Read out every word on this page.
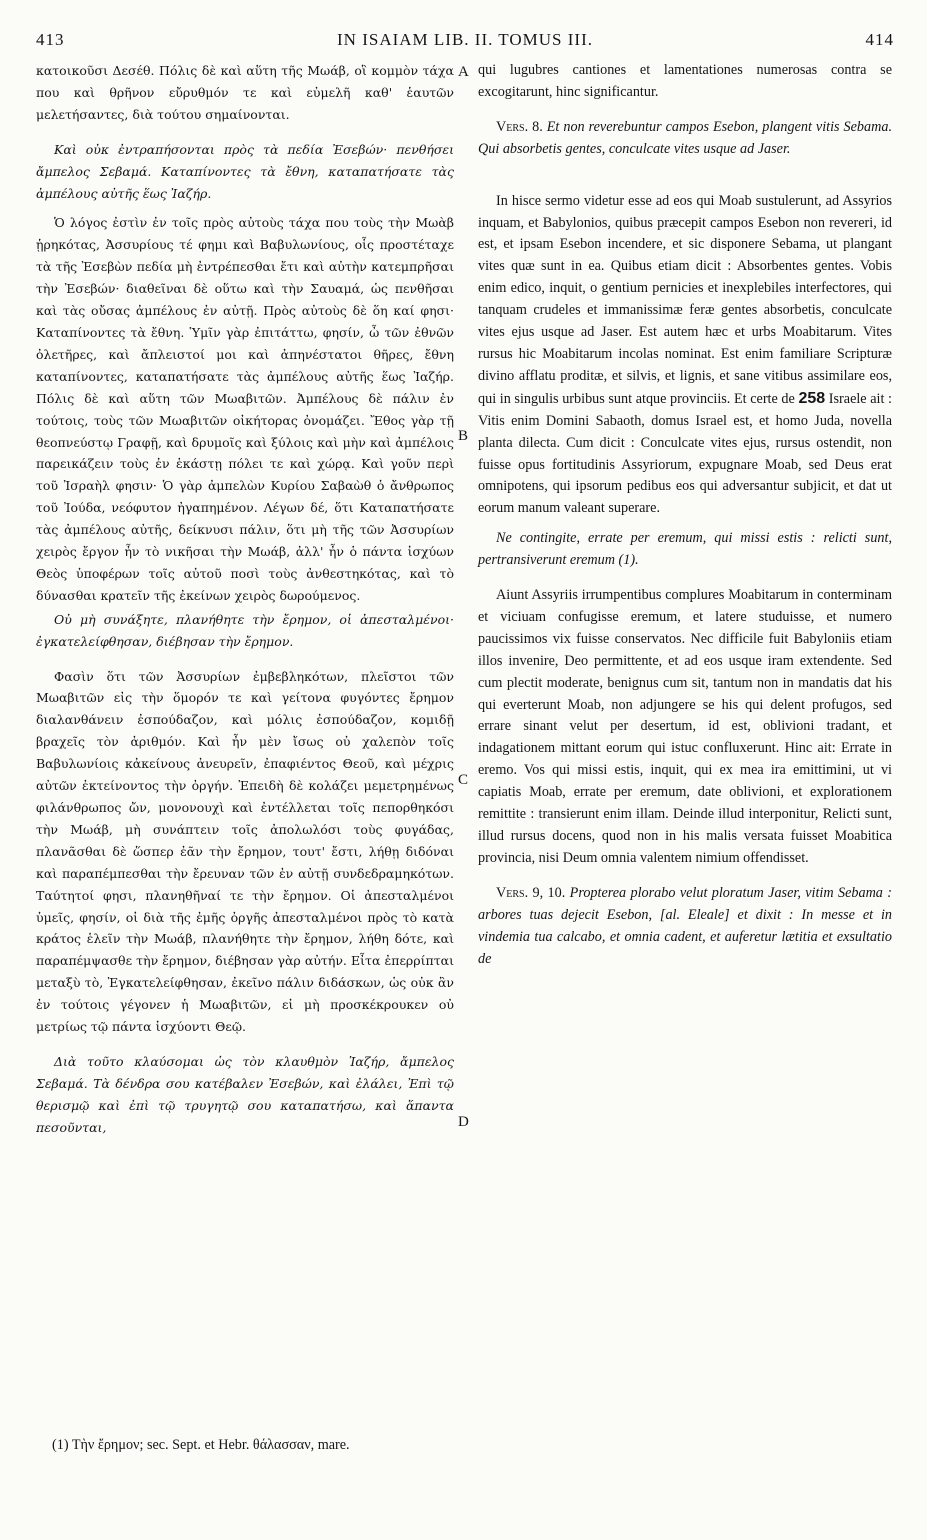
413	IN ISAIAM LIB. II. TOMUS III.	414

κατοικοῦσι Δεσέθ. Πόλις δὲ καὶ αὕτη τῆς Μωάβ, οἳ κομμὸν τάχα που καὶ θρῆνον εὔρυθμόν τε καὶ εὐμελῆ καθ' ἑαυτῶν μελετήσαντες, διὰ τούτου σημαίνονται.

Καὶ οὐκ ἐντραπήσονται πρὸς τὰ πεδία Ἐσεβών· πενθήσει ἄμπελος Σεβαμά. Καταπίνοντες τὰ ἔθνη, καταπατήσατε τὰς ἀμπέλους αὐτῆς ἕως Ἰαζήρ.

Ὁ λόγος ἐστὶν ἐν τοῖς πρὸς αὐτοὺς τάχα που τοὺς τὴν Μωὰβ ᾑρηκότας, Ἀσσυρίους τέ φημι καὶ Βαβυλωνίους, οἷς προστέταχε τὰ τῆς Ἐσεβὼν πεδία μὴ ἐντρέπεσθαι ἔτι καὶ αὐτὴν κατεμπρῆσαι τὴν Ἐσεβών· διαθεῖναι δὲ οὕτω καὶ τὴν Σαυαμά, ὡς πενθῆσαι καὶ τὰς οὔσας ἀμπέλους ἐν αὐτῇ. Πρὸς αὐτοὺς δὲ ὅη καί φησι· Καταπίνοντες τὰ ἔθνη. Ὑμῖν γὰρ ἐπιτάττω, φησίν, ὦ τῶν ἐθνῶν ὀλετῆρες, καὶ ἄπλειστοί μοι καὶ ἀπηνέστατοι θῆρες, ἔθνη καταπίνοντες, καταπατήσατε τὰς ἀμπέλους αὐτῆς ἕως Ἰαζήρ. Πόλις δὲ καὶ αὕτη τῶν Μωαβιτῶν. Ἀμπέλους δὲ πάλιν ἐν τούτοις, τοὺς τῶν Μωαβιτῶν οἰκήτορας ὀνομάζει. Ἔθος γὰρ τῇ θεοπνεύστῳ Γραφῇ, καὶ δρυμοῖς καὶ ξύλοις καὶ μὴν καὶ ἀμπέλοις παρεικάζειν τοὺς ἐν ἑκάστῃ πόλει τε καὶ χώρᾳ. Καὶ γοῦν περὶ τοῦ Ἰσραὴλ φησιν· Ὁ γὰρ ἀμπελὼν Κυρίου Σαβαὼθ ὁ ἄνθρωπος τοῦ Ἰούδα, νεόφυτον ἠγαπημένον. Λέγων δέ, ὅτι Καταπατήσατε τὰς ἀμπέλους αὐτῆς, δείκνυσι πάλιν, ὅτι μὴ τῆς τῶν Ἀσσυρίων χειρὸς ἔργον ἦν τὸ νικῆσαι τὴν Μωάβ, ἀλλ' ἦν ὁ πάντα ἰσχύων Θεὸς ὑποφέρων τοῖς αὐτοῦ ποσὶ τοὺς ἀνθεστηκότας, καὶ τὸ δύνασθαι κρατεῖν τῆς ἐκείνων χειρὸς δωρούμενος.

Οὐ μὴ συνάξητε, πλανήθητε τὴν ἔρημον, οἱ ἀπεσταλμένοι· ἐγκατελείφθησαν, διέβησαν τὴν ἔρημον.

Φασὶν ὅτι τῶν Ἀσσυρίων ἐμβεβληκότων, πλεῖστοι τῶν Μωαβιτῶν εἰς τὴν ὅμορόν τε καὶ γείτονα φυγόντες ἔρημον διαλανθάνειν ἐσπούδαζον, καὶ μόλις ἐσπούδαζον, κομιδῇ βραχεῖς τὸν ἀριθμόν. Καὶ ἦν μὲν ἴσως οὐ χαλεπὸν τοῖς Βαβυλωνίοις κἀκείνους ἀνευρεῖν, ἐπαφιέντος Θεοῦ, καὶ μέχρις αὐτῶν ἐκτείνοντος τὴν ὀργήν. Ἐπειδὴ δὲ κολάζει μεμετρημένως φιλάνθρωπος ὤν, μονονουχὶ καὶ ἐντέλλεται τοῖς πεπορθηκόσι τὴν Μωάβ, μὴ συνάπτειν τοῖς ἀπολωλόσι τοὺς φυγάδας, πλανᾶσθαι δὲ ὥσπερ ἐᾶν τὴν ἔρημον, τουτ' ἔστι, λήθῃ διδόναι καὶ παραπέμπεσθαι τὴν ἔρευναν τῶν ἐν αὐτῇ συνδεδραμηκότων. Ταύτητοί φησι, πλανηθῆναί τε τὴν ἔρημον. Οἱ ἀπεσταλμένοι ὑμεῖς, φησίν, οἱ διὰ τῆς ἐμῆς ὀργῆς ἀπεσταλμένοι πρὸς τὸ κατὰ κράτος ἑλεῖν τὴν Μωάβ, πλανήθητε τὴν ἔρημον, λήθη δότε, καὶ παραπέμψασθε τὴν ἔρημον, διέβησαν γὰρ αὐτήν. Εἶτα ἐπερρίπται μεταξὺ τὸ, Ἐγκατελείφθησαν, ἐκεῖνο πάλιν διδάσκων, ὡς οὐκ ἂν ἐν τούτοις γέγονεν ἡ Μωαβιτῶν, εἰ μὴ προσκέκρουκεν οὐ μετρίως τῷ πάντα ἰσχύοντι Θεῷ.

Διὰ τοῦτο κλαύσομαι ὡς τὸν κλαυθμὸν Ἰαζήρ, ἄμπελος Σεβαμά. Τὰ δένδρα σου κατέβαλεν Ἐσεβών, καὶ ἐλάλει, Ἐπὶ τῷ θερισμῷ καὶ ἐπὶ τῷ τρυγητῷ σου καταπατήσω, καὶ ἅπαντα πεσοῦνται,

A
B
C
D

qui lugubres cantiones et lamentationes numerosas contra se excogitarunt, hinc significantur.

Vers. 8. Et non reverebuntur campos Esebon, plangent vitis Sebama. Qui absorbetis gentes, conculcate vites usque ad Jaser.

In hisce sermo videtur esse ad eos qui Moab sustulerunt, ad Assyrios inquam, et Babylonios, quibus præcepit campos Esebon non revereri, id est, et ipsam Esebon incendere, et sic disponere Sebama, ut plangant vites quæ sunt in ea. Quibus etiam dicit : Absorbentes gentes. Vobis enim edico, inquit, o gentium pernicies et inexplebiles interfectores, qui tanquam crudeles et immanissimæ feræ gentes absorbetis, conculcate vites ejus usque ad Jaser. Est autem hæc et urbs Moabitarum. Vites rursus hic Moabitarum incolas nominat. Est enim familiare Scripturæ divino afflatu proditæ, et silvis, et lignis, et sane vitibus assimilare eos, qui in singulis urbibus sunt atque provinciis. Et certe de 258 Israele ait : Vitis enim Domini Sabaoth, domus Israel est, et homo Juda, novella planta dilecta. Cum dicit : Conculcate vites ejus, rursus ostendit, non fuisse opus fortitudinis Assyriorum, expugnare Moab, sed Deus erat omnipotens, qui ipsorum pedibus eos qui adversantur subjicit, et dat ut eorum manum valeant superare.

Ne contingite, errate per eremum, qui missi estis : relicti sunt, pertransiverunt eremum (1).

Aiunt Assyriis irrumpentibus complures Moabitarum in conterminam et viciuam confugisse eremum, et latere studuisse, et numero paucissimos vix fuisse conservatos. Nec difficile fuit Babyloniis etiam illos invenire, Deo permittente, et ad eos usque iram extendente. Sed cum plectit moderate, benignus cum sit, tantum non in mandatis dat his qui everterunt Moab, non adjungere se his qui delent profugos, sed errare sinant velut per desertum, id est, oblivioni tradant, et indagationem mittant eorum qui istuc confluxerunt. Hinc ait: Errate in eremo. Vos qui missi estis, inquit, qui ex mea ira emittimini, ut vi capiatis Moab, errate per eremum, date oblivioni, et explorationem remittite : transierunt enim illam. Deinde illud interponitur, Relicti sunt, illud rursus docens, quod non in his malis versata fuisset Moabitica provincia, nisi Deum omnia valentem nimium offendisset.

Vers. 9, 10. Propterea plorabo velut ploratum Jaser, vitim Sebama : arbores tuas dejecit Esebon, [al. Eleale] et dixit : In messe et in vindemia tua calcabo, et omnia cadent, et auferetur lætitia et exsultatio de

(1) Τὴν ἔρημον; sec. Sept. et Hebr. θάλασσαν, mare.
